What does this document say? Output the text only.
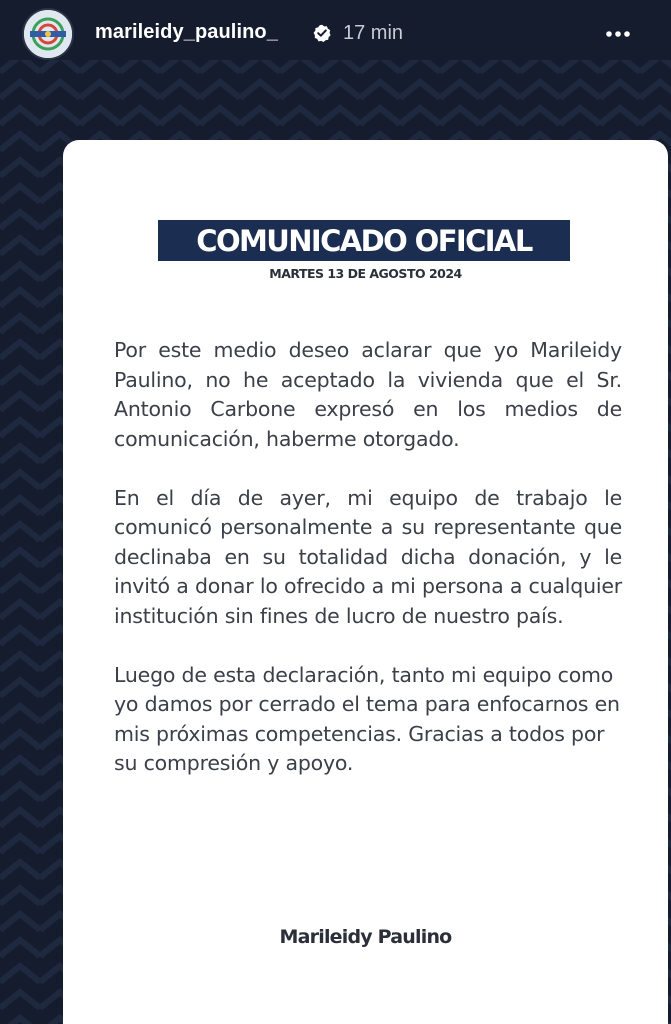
marileidy_paulino_	17 min
COMUNICADO OFICIAL
MARTES 13 DE AGOSTO 2024

Por este medio deseo aclarar que yo Marileidy Paulino, no he aceptado la vivienda que el Sr. Antonio Carbone expresó en los medios de comunicación, haberme otorgado.

En el día de ayer, mi equipo de trabajo le comunicó personalmente a su representante que declinaba en su totalidad dicha donación, y le invitó a donar lo ofrecido a mi persona a cualquier institución sin fines de lucro de nuestro país.

Luego de esta declaración, tanto mi equipo como yo damos por cerrado el tema para enfocarnos en mis próximas competencias. Gracias a todos por su compresión y apoyo.

Marileidy Paulino
